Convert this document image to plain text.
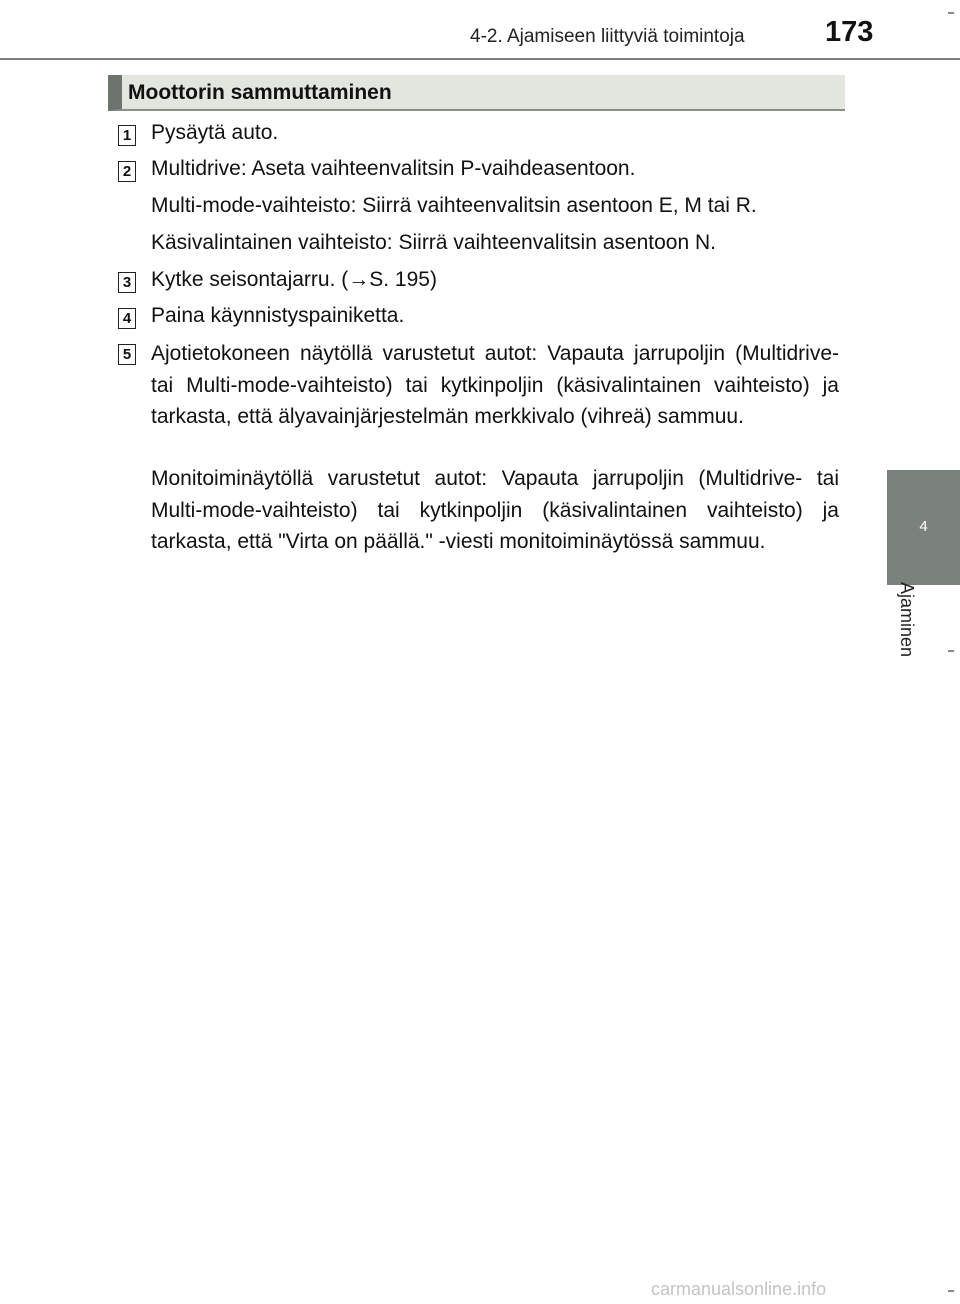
4-2. Ajamiseen liittyviä toimintoja	173
Moottorin sammuttaminen
1 Pysäytä auto.
2 Multidrive: Aseta vaihteenvalitsin P-vaihdeasentoon.
Multi-mode-vaihteisto: Siirrä vaihteenvalitsin asentoon E, M tai R.
Käsivalintainen vaihteisto: Siirrä vaihteenvalitsin asentoon N.
3 Kytke seisontajarru. (→S. 195)
4 Paina käynnistyspainiketta.
5 Ajotietokoneen näytöllä varustetut autot: Vapauta jarrupoljin (Multidrive- tai Multi-mode-vaihteisto) tai kytkinpoljin (käsivalintainen vaihteisto) ja tarkasta, että älyavainjärjestelmän merkkivalo (vihreä) sammuu.
Monitoiminäytöllä varustetut autot: Vapauta jarrupoljin (Multidrive- tai Multi-mode-vaihteisto) tai kytkinpoljin (käsivalintainen vaihteisto) ja tarkasta, että "Virta on päällä." -viesti monitoiminäytössä sammuu.
4
Ajaminen
carmanualsonline.info
